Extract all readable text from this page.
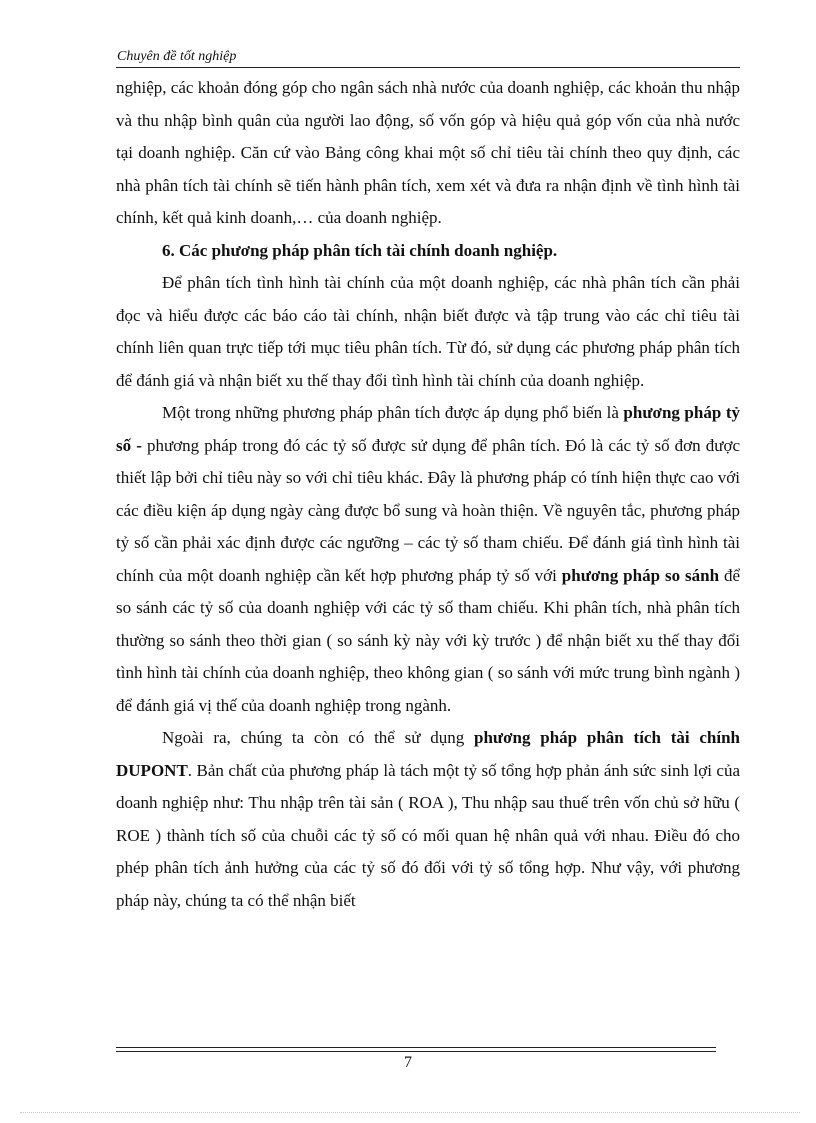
Chuyên đề tốt nghiệp

nghiệp, các khoản đóng góp cho ngân sách nhà nước của doanh nghiệp, các khoản thu nhập và thu nhập bình quân của người lao động, số vốn góp và hiệu quả góp vốn của nhà nước tại doanh nghiệp. Căn cứ vào Bảng công khai một số chỉ tiêu tài chính theo quy định, các nhà phân tích tài chính sẽ tiến hành phân tích, xem xét và đưa ra nhận định về tình hình tài chính, kết quả kinh doanh,… của doanh nghiệp.

6. Các phương pháp phân tích tài chính doanh nghiệp.

Để phân tích tình hình tài chính của một doanh nghiệp, các nhà phân tích cần phải đọc và hiểu được các báo cáo tài chính, nhận biết được và tập trung vào các chỉ tiêu tài chính liên quan trực tiếp tới mục tiêu phân tích. Từ đó, sử dụng các phương pháp phân tích để đánh giá và nhận biết xu thế thay đổi tình hình tài chính của doanh nghiệp.

Một trong những phương pháp phân tích được áp dụng phổ biến là phương pháp tỷ số - phương pháp trong đó các tỷ số được sử dụng để phân tích. Đó là các tỷ số đơn được thiết lập bởi chỉ tiêu này so với chỉ tiêu khác. Đây là phương pháp có tính hiện thực cao với các điều kiện áp dụng ngày càng được bổ sung và hoàn thiện. Về nguyên tắc, phương pháp tỷ số cần phải xác định được các ngưỡng – các tỷ số tham chiếu. Để đánh giá tình hình tài chính của một doanh nghiệp cần kết hợp phương pháp tỷ số với phương pháp so sánh để so sánh các tỷ số của doanh nghiệp với các tỷ số tham chiếu. Khi phân tích, nhà phân tích thường so sánh theo thời gian ( so sánh kỳ này với kỳ trước ) để nhận biết xu thế thay đổi tình hình tài chính của doanh nghiệp, theo không gian ( so sánh với mức trung bình ngành ) để đánh giá vị thế của doanh nghiệp trong ngành.

Ngoài ra, chúng ta còn có thể sử dụng phương pháp phân tích tài chính DUPONT. Bản chất của phương pháp là tách một tỷ số tổng hợp phản ánh sức sinh lợi của doanh nghiệp như: Thu nhập trên tài sản ( ROA ), Thu nhập sau thuế trên vốn chủ sở hữu ( ROE ) thành tích số của chuỗi các tỷ số có mối quan hệ nhân quả với nhau. Điều đó cho phép phân tích ảnh hưởng của các tỷ số đó đối với tỷ số tổng hợp. Như vậy, với phương pháp này, chúng ta có thể nhận biết

7
